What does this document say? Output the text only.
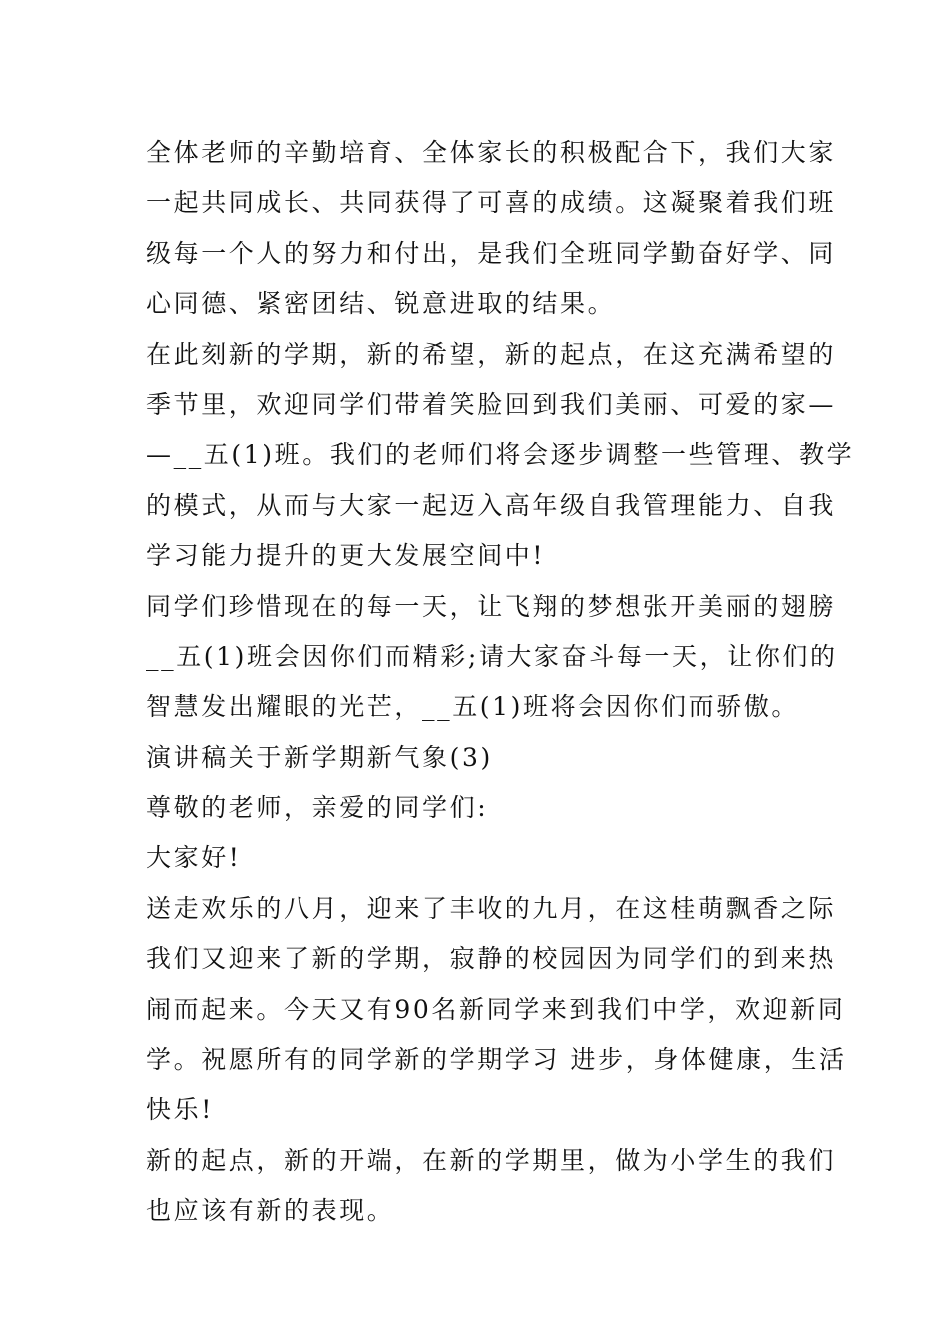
全体老师的辛勤培育、全体家长的积极配合下，我们大家
一起共同成长、共同获得了可喜的成绩。这凝聚着我们班
级每一个人的努力和付出，是我们全班同学勤奋好学、同
心同德、紧密团结、锐意进取的结果。
在此刻新的学期，新的希望，新的起点，在这充满希望的
季节里，欢迎同学们带着笑脸回到我们美丽、可爱的家—
—__五(1)班。我们的老师们将会逐步调整一些管理、教学
的模式，从而与大家一起迈入高年级自我管理能力、自我
学习能力提升的更大发展空间中!
同学们珍惜现在的每一天，让飞翔的梦想张开美丽的翅膀
__五(1)班会因你们而精彩;请大家奋斗每一天，让你们的
智慧发出耀眼的光芒，__五(1)班将会因你们而骄傲。
演讲稿关于新学期新气象(3)
尊敬的老师，亲爱的同学们:
大家好!
送走欢乐的八月，迎来了丰收的九月，在这桂萌飘香之际
我们又迎来了新的学期，寂静的校园因为同学们的到来热
闹而起来。今天又有90名新同学来到我们中学，欢迎新同
学。祝愿所有的同学新的学期学习 进步，身体健康，生活
快乐!
新的起点，新的开端，在新的学期里，做为小学生的我们
也应该有新的表现。
